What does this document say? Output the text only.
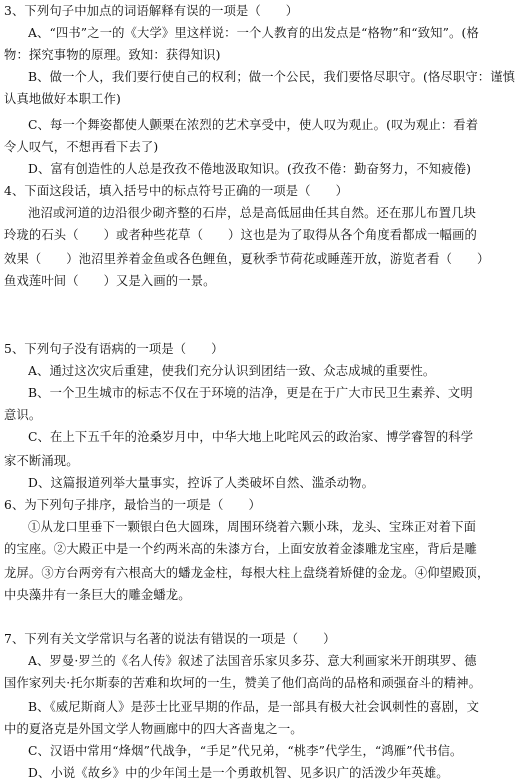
3、下列句子中加点的词语解释有误的一项是（　　）
A、“四书”之一的《大学》里这样说：一个人教育的出发点是“格物”和“致知”。(格
物：探究事物的原理。致知：获得知识)
B、做一个人，我们要行使自己的权利；做一个公民，我们要恪尽职守。(恪尽职守：谨慎
认真地做好本职工作)
C、每一个舞姿都使人颤栗在浓烈的艺术享受中，使人叹为观止。(叹为观止：看着
令人叹气，不想再看下去了)
D、富有创造性的人总是孜孜不倦地汲取知识。(孜孜不倦：勤奋努力，不知疲倦)
4、下面这段话，填入括号中的标点符号正确的一项是（　　）
池沼或河道的边沿很少砌齐整的石岸，总是高低屈曲任其自然。还在那儿布置几块
玲珑的石头（　　）或者种些花草（　　）这也是为了取得从各个角度看都成一幅画的
效果（　　）池沼里养着金鱼或各色鲤鱼，夏秋季节荷花或睡莲开放，游览者看（　　）
鱼戏莲叶间（　　）又是入画的一景。
5、下列句子没有语病的一项是（　　）
A、通过这次灾后重建，使我们充分认识到团结一致、众志成城的重要性。
B、一个卫生城市的标志不仅在于环境的洁净，更是在于广大市民卫生素养、文明
意识。
C、在上下五千年的沧桑岁月中，中华大地上叱咤风云的政治家、博学睿智的科学
家不断涌现。
D、这篇报道列举大量事实，控诉了人类破坏自然、滥杀动物。
6、为下列句子排序，最恰当的一项是（　　）
①从龙口里垂下一颗银白色大圆珠，周围环绕着六颗小珠，龙头、宝珠正对着下面
的宝座。②大殿正中是一个约两米高的朱漆方台，上面安放着金漆雕龙宝座，背后是雕
龙屏。③方台两旁有六根高大的蟠龙金柱，每根大柱上盘绕着矫健的金龙。④仰望殿顶，
中央藻井有一条巨大的雕金蟠龙。
7、下列有关文学常识与名著的说法有错误的一项是（　　）
A、罗曼·罗兰的《名人传》叙述了法国音乐家贝多芬、意大利画家米开朗琪罗、德
国作家列夫·托尔斯泰的苦难和坎坷的一生，赞美了他们高尚的品格和顽强奋斗的精神。
B、《威尼斯商人》是莎士比亚早期的作品，是一部具有极大社会讽刺性的喜剧，文
中的夏洛克是外国文学人物画廊中的四大吝啬鬼之一。
C、汉语中常用“烽烟”代战争，“手足”代兄弟，“桃李”代学生，“鸿雁”代书信。
D、小说《故乡》中的少年闰土是一个勇敢机智、见多识广的活泼少年英雄。
